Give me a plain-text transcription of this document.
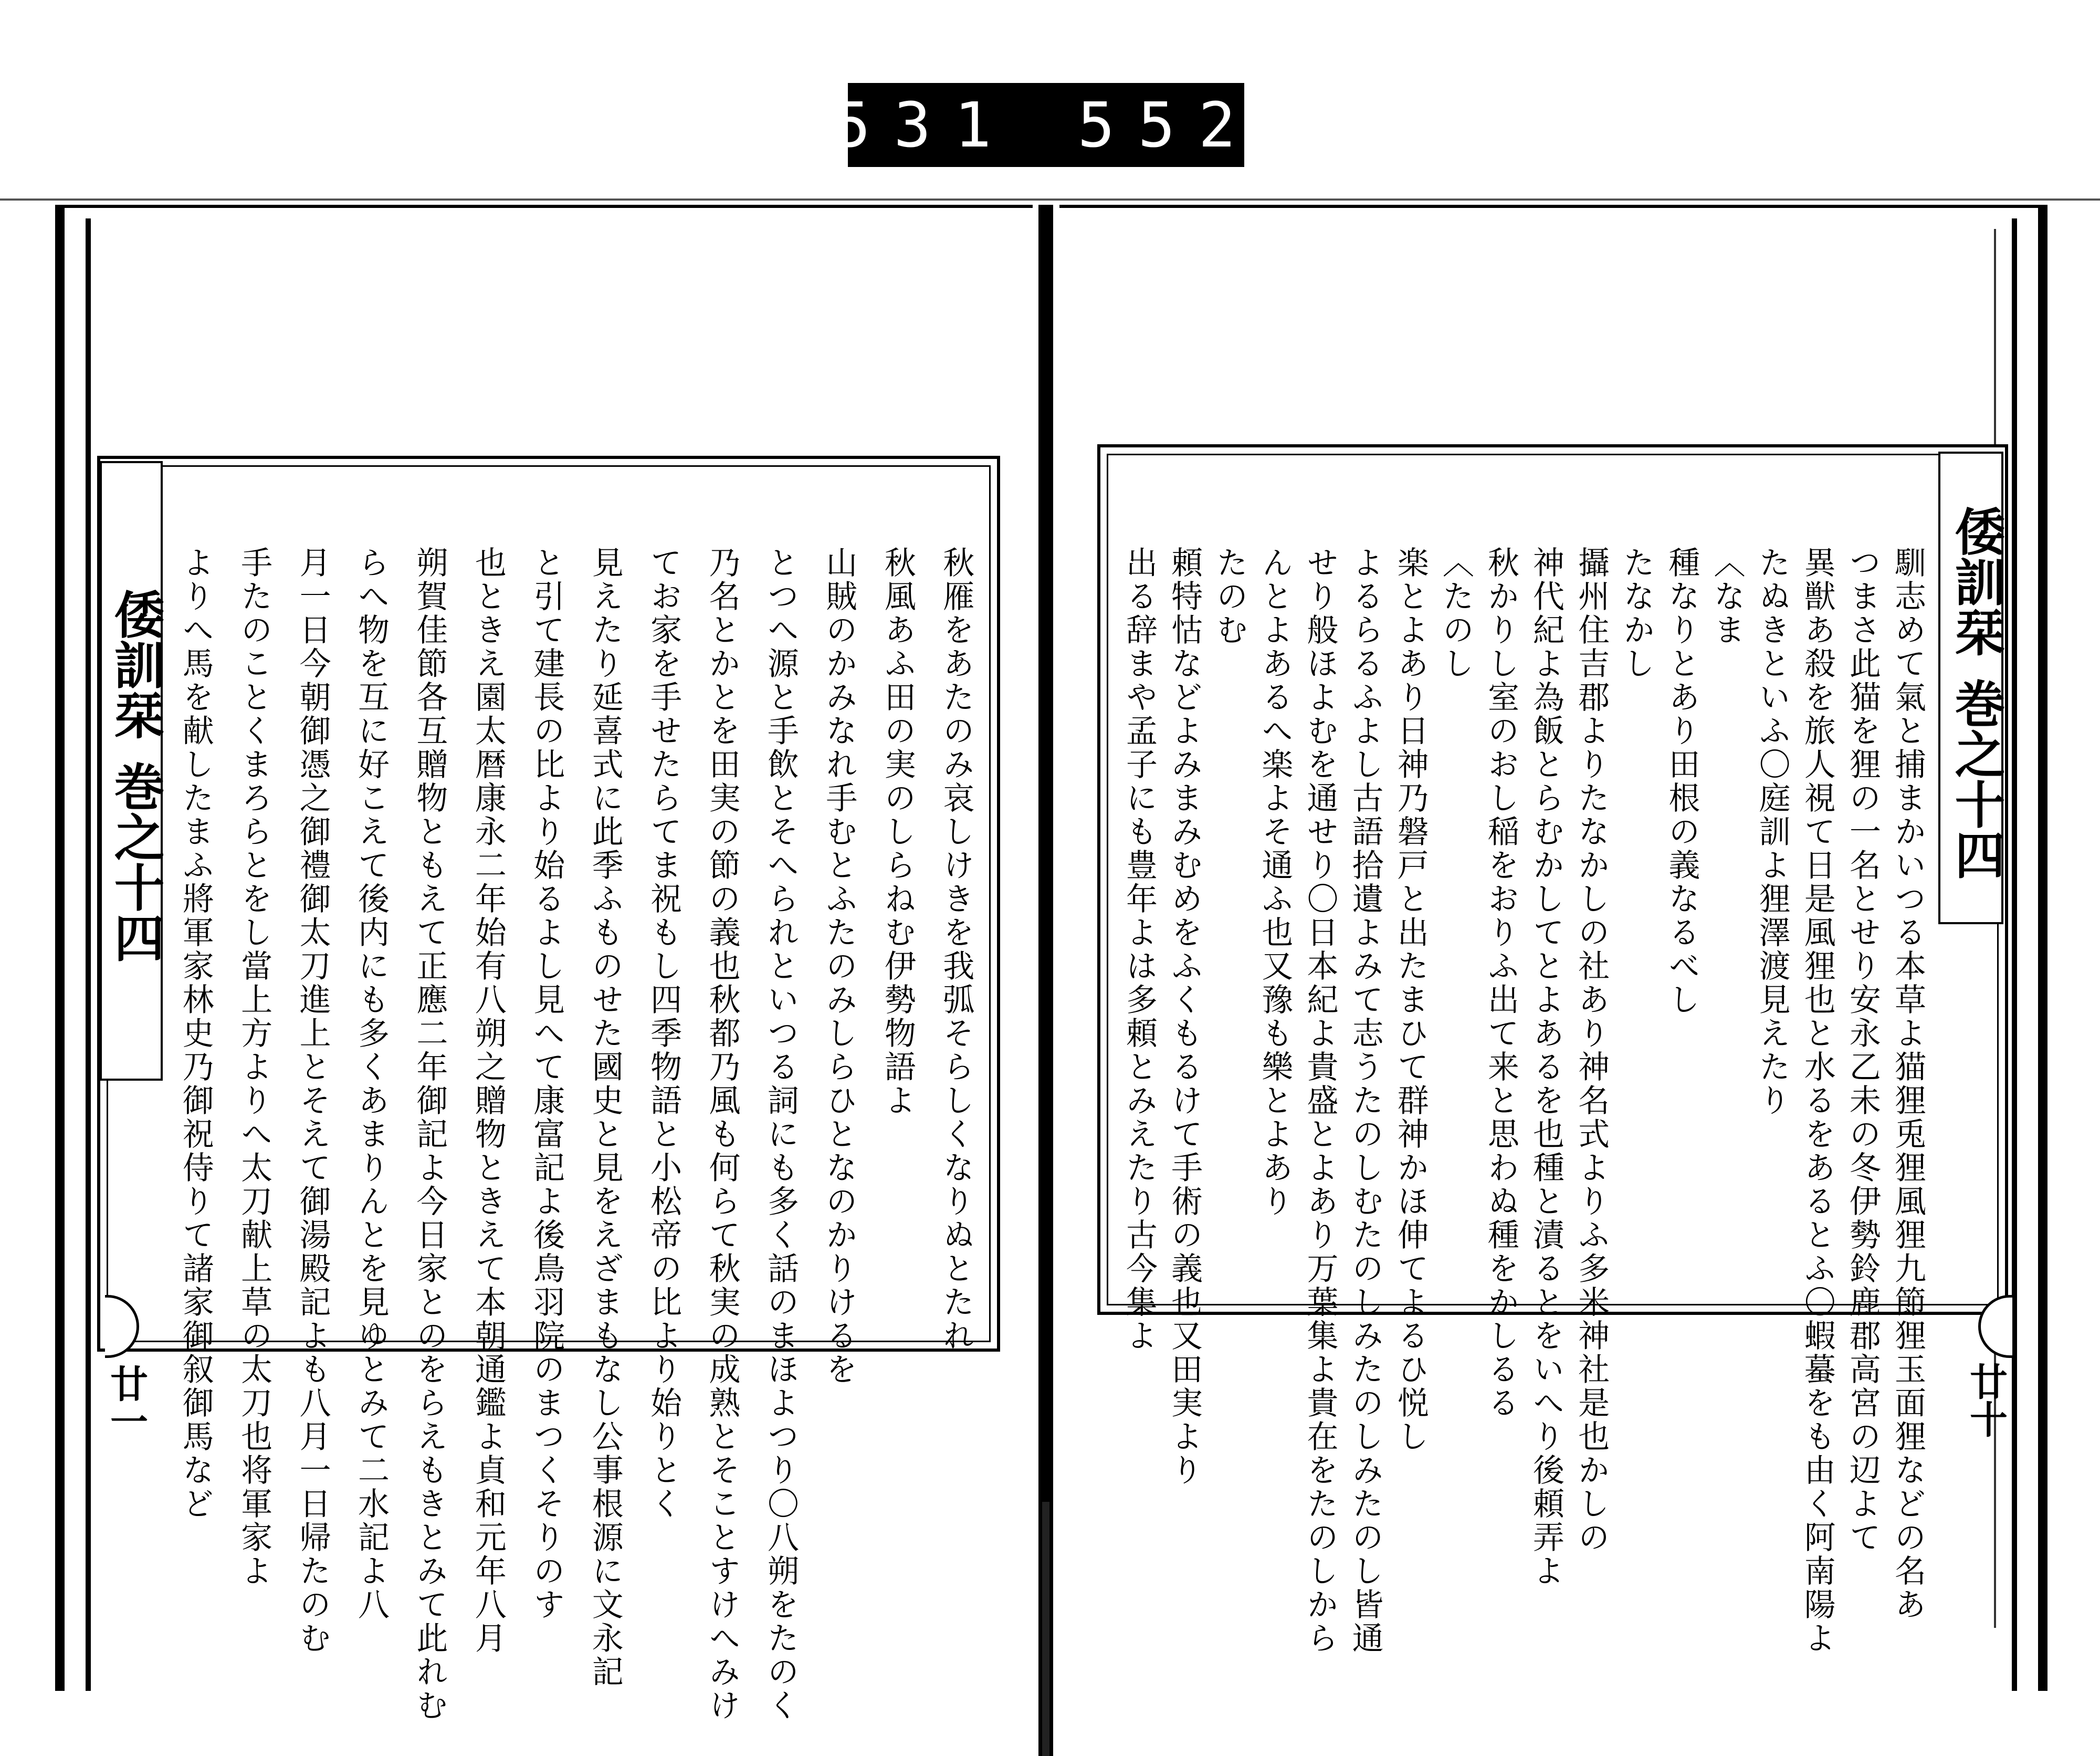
531 552
倭訓栞
巻之十四
廿一
秋雁をあたのみ哀しけきを我弧そらしくなりぬとたれ
秋風あふ田の実のしらねむ伊勢物語よ
山賊のかみなれ手むとふたのみしらひとなのかりけるを
とつへ源と手飲とそへられといつる詞にも多く話のまほよつり〇八朔をたのく
乃名とかとを田実の節の義也秋都乃風も何らて秋実の成熟とそことすけへみけ
てお家を手せたらてま祝もし四季物語と小松帝の比より始りとく
見えたり延喜式に此季ふものせた國史と見をえざまもなし公事根源に文永記
と引て建長の比より始るよし見へて康富記よ後鳥羽院のまつくそりのす
也ときえ園太暦康永二年始有八朔之贈物ときえて本朝通鑑よ貞和元年八月
朔賀佳節各互贈物ともえて正應二年御記よ今日家とのをらえもきとみて此れむ
らへ物を互に好こえて後内にも多くあまりんとを見ゆとみて二水記よ八
月一日今朝御憑之御禮御太刀進上とそえて御湯殿記よも八月一日帰たのむ
手たのことくまろらとをし當上方よりへ太刀献上草の太刀也将軍家よ
よりへ馬を献したまふ將軍家林史乃御祝侍りて諸家御叙御馬など	倭訓栞
巻之十四
廿十
馴志めて氣と捕まかいつる本草よ猫狸兎狸風狸九節狸玉面狸などの名あ
つまさ此猫を狸の一名とせり安永乙未の冬伊勢鈴鹿郡高宮の辺よて
異獣あ殺を旅人視て日是風狸也と水るをあるとふ〇蝦蟇をも由く阿南陽よ
たぬきといふ〇庭訓よ狸澤渡見えたり
〈なま
種なりとあり田根の義なるべし
たなかし
攝州住吉郡よりたなかしの社あり神名式よりふ多米神社是也かしの
神代紀よ為飯とらむかしてとよあるを也種と漬るとをいへり後頼弄よ
秋かりし室のおし稲をおりふ出て来と思わぬ種をかしるる
〈たのし
楽とよあり日神乃磐戸と出たまひて群神かほ伸てよるひ悦し
よるらるふよし古語拾遺よみて志うたのしむたのしみたのしみたのし皆通
せり般ほよむを通せり〇日本紀よ貴盛とよあり万葉集よ貴在をたのしから
んとよあるへ楽よそ通ふ也又豫も樂とよあり
たのむ
頼特怙などよみまみむめをふくもるけて手術の義也又田実より
出る辞まや孟子にも豊年よは多頼とみえたり古今集よ
